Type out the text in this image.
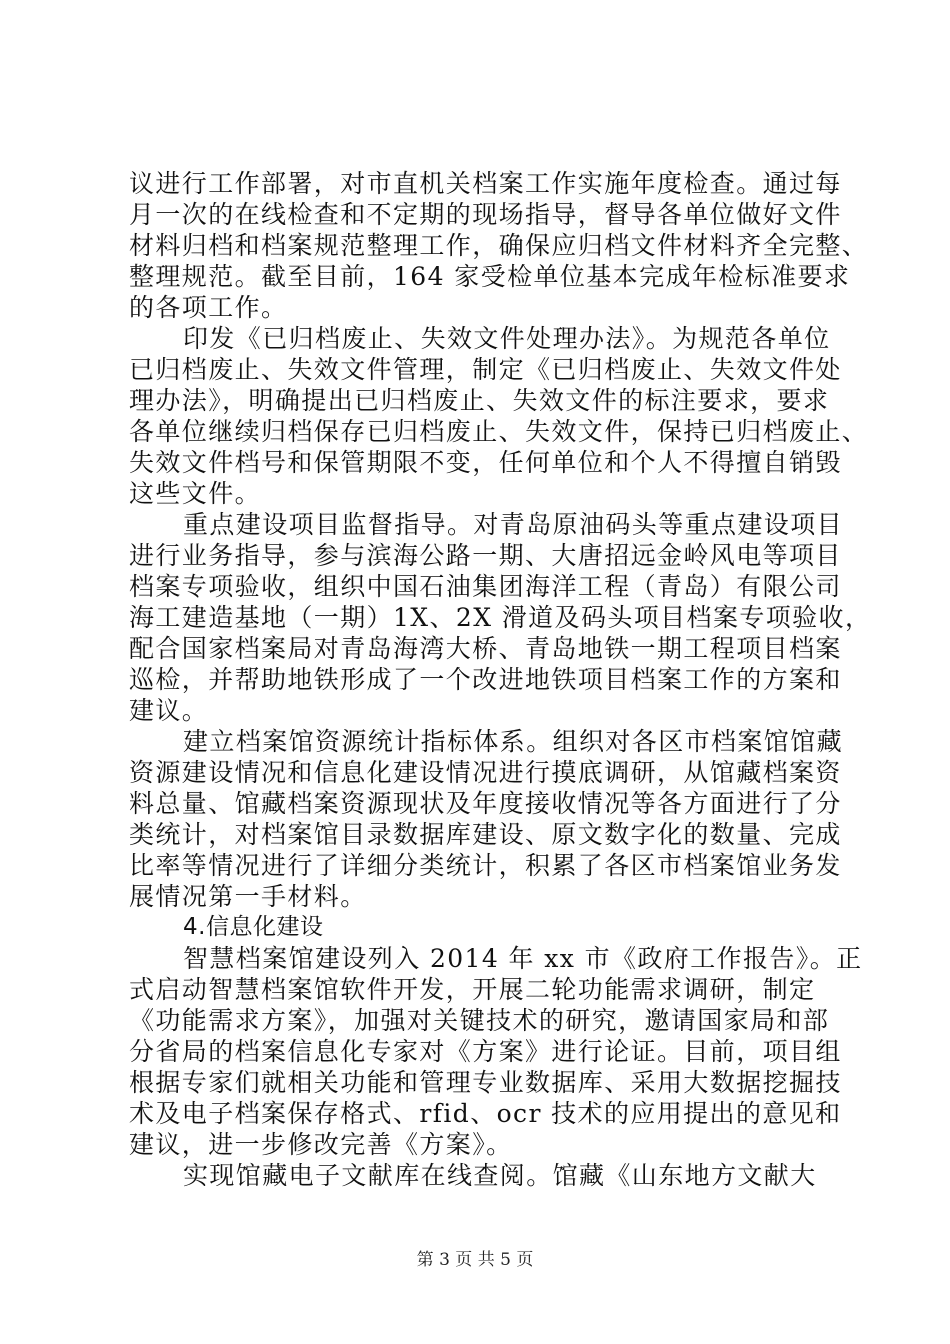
议进行工作部署，对市直机关档案工作实施年度检查。通过每
月一次的在线检查和不定期的现场指导，督导各单位做好文件
材料归档和档案规范整理工作，确保应归档文件材料齐全完整、
整理规范。截至目前，164 家受检单位基本完成年检标准要求
的各项工作。
印发《已归档废止、失效文件处理办法》。为规范各单位
已归档废止、失效文件管理，制定《已归档废止、失效文件处
理办法》，明确提出已归档废止、失效文件的标注要求，要求
各单位继续归档保存已归档废止、失效文件，保持已归档废止、
失效文件档号和保管期限不变，任何单位和个人不得擅自销毁
这些文件。
重点建设项目监督指导。对青岛原油码头等重点建设项目
进行业务指导，参与滨海公路一期、大唐招远金岭风电等项目
档案专项验收，组织中国石油集团海洋工程（青岛）有限公司
海工建造基地（一期）1X、2X 滑道及码头项目档案专项验收，
配合国家档案局对青岛海湾大桥、青岛地铁一期工程项目档案
巡检，并帮助地铁形成了一个改进地铁项目档案工作的方案和
建议。
建立档案馆资源统计指标体系。组织对各区市档案馆馆藏
资源建设情况和信息化建设情况进行摸底调研，从馆藏档案资
料总量、馆藏档案资源现状及年度接收情况等各方面进行了分
类统计，对档案馆目录数据库建设、原文数字化的数量、完成
比率等情况进行了详细分类统计，积累了各区市档案馆业务发
展情况第一手材料。
4.信息化建设
智慧档案馆建设列入 2014 年 xx 市《政府工作报告》。正
式启动智慧档案馆软件开发，开展二轮功能需求调研，制定
《功能需求方案》，加强对关键技术的研究，邀请国家局和部
分省局的档案信息化专家对《方案》进行论证。目前，项目组
根据专家们就相关功能和管理专业数据库、采用大数据挖掘技
术及电子档案保存格式、rfid、ocr 技术的应用提出的意见和
建议，进一步修改完善《方案》。
实现馆藏电子文献库在线查阅。馆藏《山东地方文献大
第 3 页 共 5 页
